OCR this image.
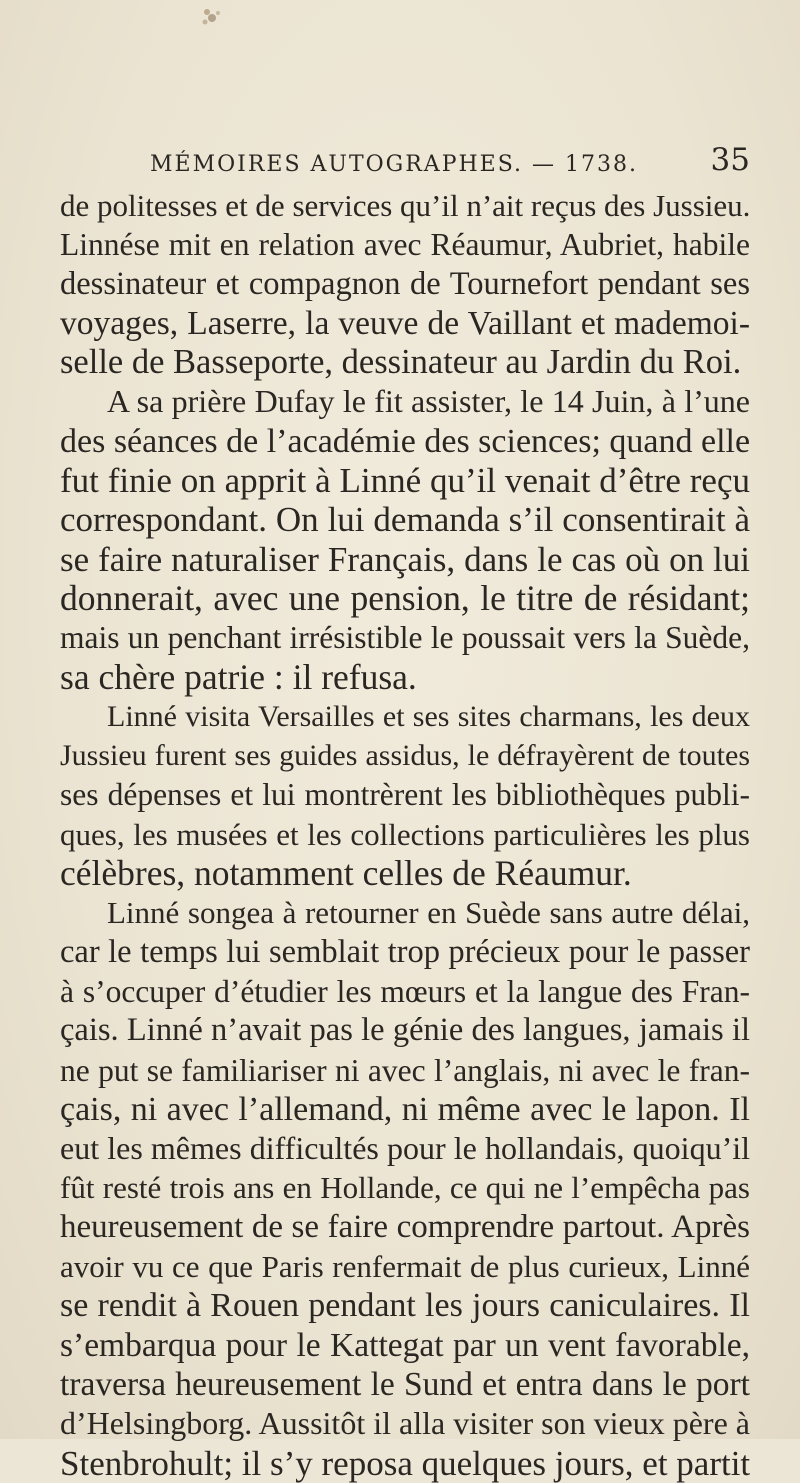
MÉMOIRES AUTOGRAPHES. — 1738. 35
de politesses et de services qu’il n’ait reçus des Jussieu.
Linnése mit en relation avec Réaumur, Aubriet, habile
dessinateur et compagnon de Tournefort pendant ses
voyages, Laserre, la veuve de Vaillant et mademoi-
selle de Basseporte, dessinateur au Jardin du Roi.
A sa prière Dufay le fit assister, le 14 Juin, à l’une
des séances de l’académie des sciences; quand elle
fut finie on apprit à Linné qu’il venait d’être reçu
correspondant. On lui demanda s’il consentirait à
se faire naturaliser Français, dans le cas où on lui
donnerait, avec une pension, le titre de résidant;
mais un penchant irrésistible le poussait vers la Suède,
sa chère patrie : il refusa.
Linné visita Versailles et ses sites charmans, les deux
Jussieu furent ses guides assidus, le défrayèrent de toutes
ses dépenses et lui montrèrent les bibliothèques publi-
ques, les musées et les collections particulières les plus
célèbres, notamment celles de Réaumur.
Linné songea à retourner en Suède sans autre délai,
car le temps lui semblait trop précieux pour le passer
à s’occuper d’étudier les mœurs et la langue des Fran-
çais. Linné n’avait pas le génie des langues, jamais il
ne put se familiariser ni avec l’anglais, ni avec le fran-
çais, ni avec l’allemand, ni même avec le lapon. Il
eut les mêmes difficultés pour le hollandais, quoiqu’il
fût resté trois ans en Hollande, ce qui ne l’empêcha pas
heureusement de se faire comprendre partout. Après
avoir vu ce que Paris renfermait de plus curieux, Linné
se rendit à Rouen pendant les jours caniculaires. Il
s’embarqua pour le Kattegat par un vent favorable,
traversa heureusement le Sund et entra dans le port
d’Helsingborg. Aussitôt il alla visiter son vieux père à
Stenbrohult; il s’y reposa quelques jours, et partit
